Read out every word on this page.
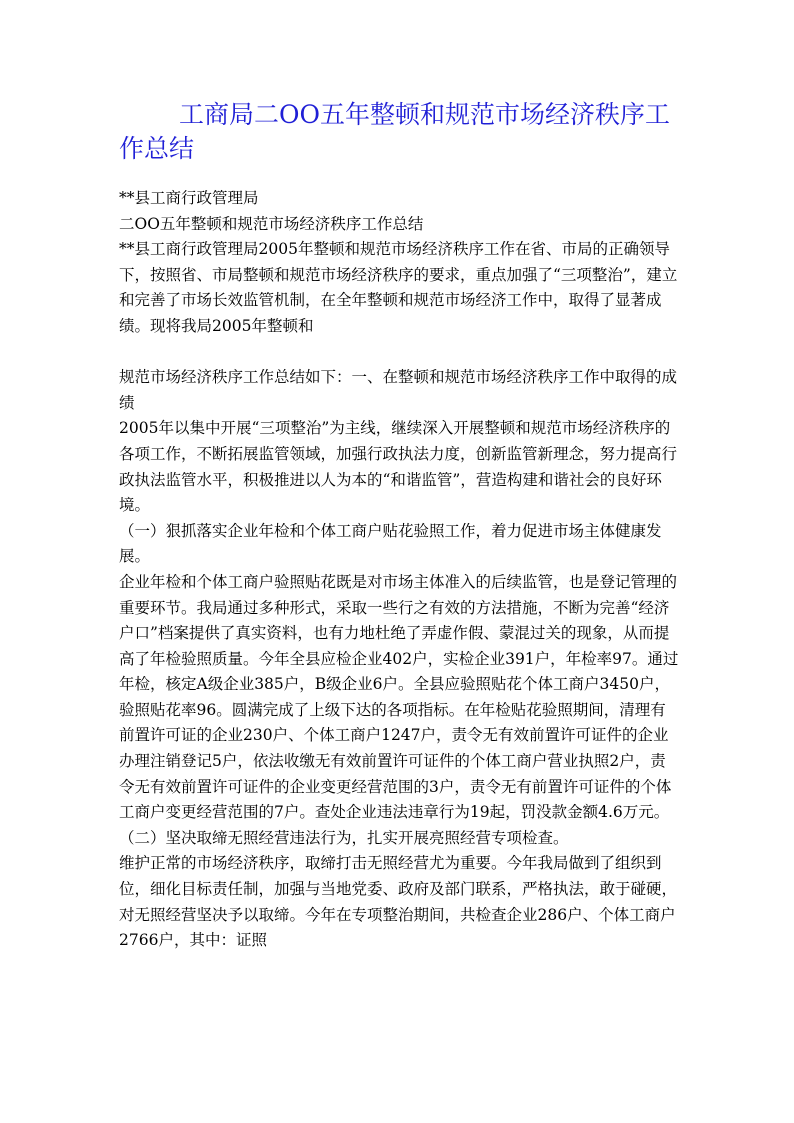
工商局二OO五年整顿和规范市场经济秩序工作总结

**县工商行政管理局

二OO五年整顿和规范市场经济秩序工作总结

**县工商行政管理局2005年整顿和规范市场经济秩序工作在省、市局的正确领导下，按照省、市局整顿和规范市场经济秩序的要求，重点加强了“三项整治”，建立和完善了市场长效监管机制，在全年整顿和规范市场经济工作中，取得了显著成绩。现将我局2005年整顿和

规范市场经济秩序工作总结如下：一、在整顿和规范市场经济秩序工作中取得的成绩

2005年以集中开展“三项整治”为主线，继续深入开展整顿和规范市场经济秩序的各项工作，不断拓展监管领域，加强行政执法力度，创新监管新理念，努力提高行政执法监管水平，积极推进以人为本的“和谐监管”，营造构建和谐社会的良好环境。

（一）狠抓落实企业年检和个体工商户贴花验照工作，着力促进市场主体健康发展。

企业年检和个体工商户验照贴花既是对市场主体准入的后续监管，也是登记管理的重要环节。我局通过多种形式，采取一些行之有效的方法措施，不断为完善“经济户口”档案提供了真实资料，也有力地杜绝了弄虚作假、蒙混过关的现象，从而提高了年检验照质量。今年全县应检企业402户，实检企业391户，年检率97。通过年检，核定A级企业385户，B级企业6户。全县应验照贴花个体工商户3450户，验照贴花率96。圆满完成了上级下达的各项指标。在年检贴花验照期间，清理有前置许可证的企业230户、个体工商户1247户，责令无有效前置许可证件的企业办理注销登记5户，依法收缴无有效前置许可证件的个体工商户营业执照2户，责令无有效前置许可证件的企业变更经营范围的3户，责令无有前置许可证件的个体工商户变更经营范围的7户。查处企业违法违章行为19起，罚没款金额4.6万元。

（二）坚决取缔无照经营违法行为，扎实开展亮照经营专项检查。

维护正常的市场经济秩序，取缔打击无照经营尤为重要。今年我局做到了组织到位，细化目标责任制，加强与当地党委、政府及部门联系，严格执法，敢于碰硬，对无照经营坚决予以取缔。今年在专项整治期间，共检查企业286户、个体工商户2766户，其中：证照
